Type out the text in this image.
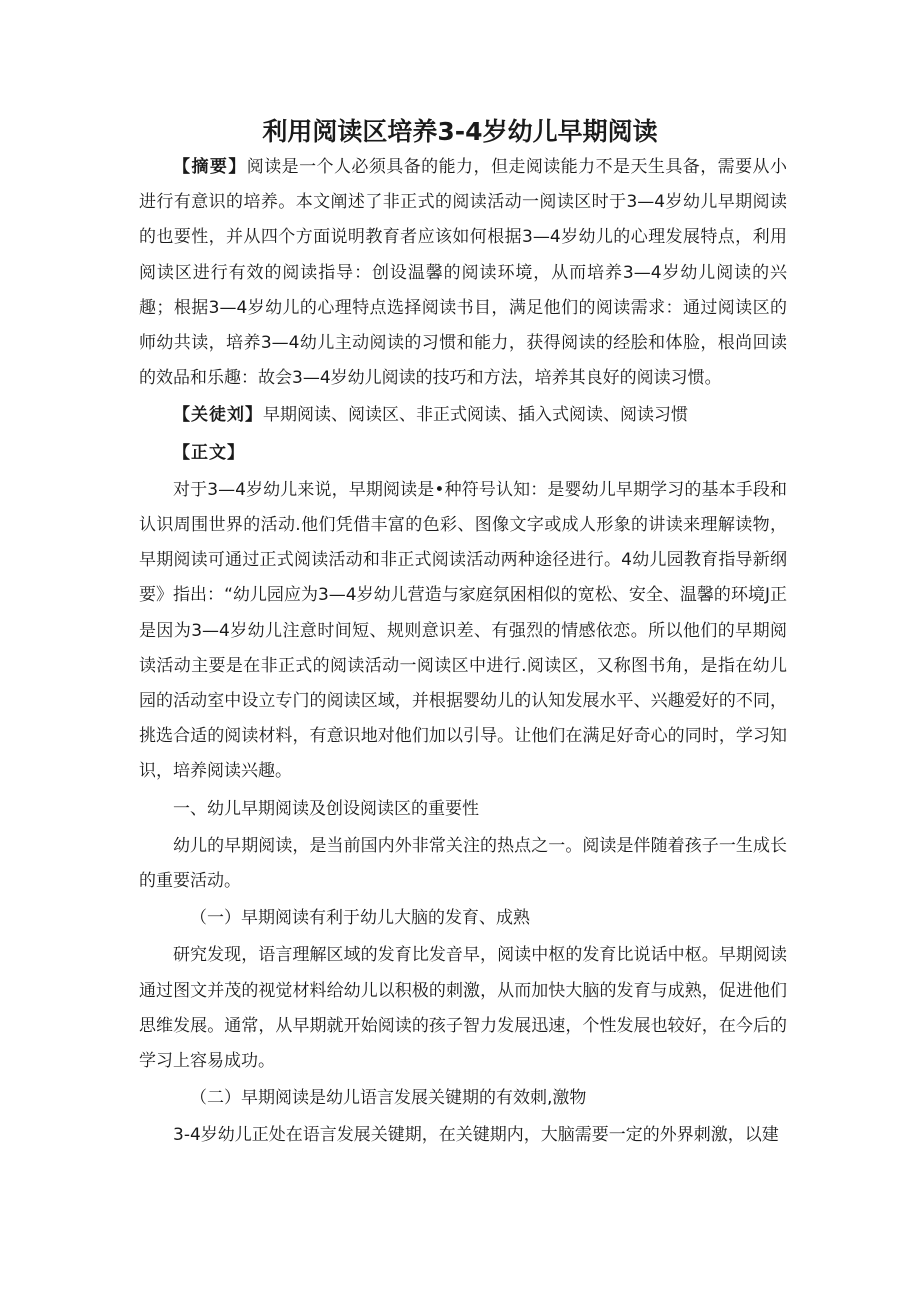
利用阅读区培养3-4岁幼儿早期阅读

【摘要】阅读是一个人必须具备的能力，但走阅读能力不是天生具备，需要从小进行有意识的培养。本文阐述了非正式的阅读活动一阅读区时于3—4岁幼儿早期阅读的也要性，并从四个方面说明教育者应该如何根据3—4岁幼儿的心理发展特点，利用阅读区进行有效的阅读指导：创设温馨的阅读环境，从而培养3—4岁幼儿阅读的兴趣；根据3—4岁幼儿的心理特点选择阅读书目，满足他们的阅读需求：通过阅读区的师幼共读，培养3—4幼儿主动阅读的习惯和能力，获得阅读的经脍和体脸，根尚回读的效品和乐趣：故会3—4岁幼儿阅读的技巧和方法，培养其良好的阅读习惯。

【关徒刘】早期阅读、阅读区、非正式阅读、插入式阅读、阅读习惯

【正文】

对于3—4岁幼儿来说，早期阅读是•种符号认知：是婴幼儿早期学习的基本手段和认识周围世界的活动.他们凭借丰富的色彩、图像文字或成人形象的讲读来理解读物，早期阅读可通过正式阅读活动和非正式阅读活动两种途径进行。4幼儿园教育指导新纲要》指出：“幼儿园应为3—4岁幼儿营造与家庭氛困相似的宽松、安全、温馨的环境J正是因为3—4岁幼儿注意时间短、规则意识差、有强烈的情感依恋。所以他们的早期阅读活动主要是在非正式的阅读活动一阅读区中进行.阅读区，又称图书角，是指在幼儿园的活动室中设立专门的阅读区域，并根据婴幼儿的认知发展水平、兴趣爱好的不同，挑选合适的阅读材料，有意识地对他们加以引导。让他们在满足好奇心的同时，学习知识，培养阅读兴趣。

一、幼儿早期阅读及创设阅读区的重要性

幼儿的早期阅读，是当前国内外非常关注的热点之一。阅读是伴随着孩子一生成长的重要活动。

（一）早期阅读有利于幼儿大脑的发育、成熟

研究发现，语言理解区域的发育比发音早，阅读中枢的发育比说话中枢。早期阅读通过图文并茂的视觉材料给幼儿以积极的刺激，从而加快大脑的发育与成熟，促进他们思维发展。通常，从早期就开始阅读的孩子智力发展迅速，个性发展也较好，在今后的学习上容易成功。

（二）早期阅读是幼儿语言发展关键期的有效刺,激物

3-4岁幼儿正处在语言发展关键期，在关键期内，大脑需要一定的外界刺激，以建
